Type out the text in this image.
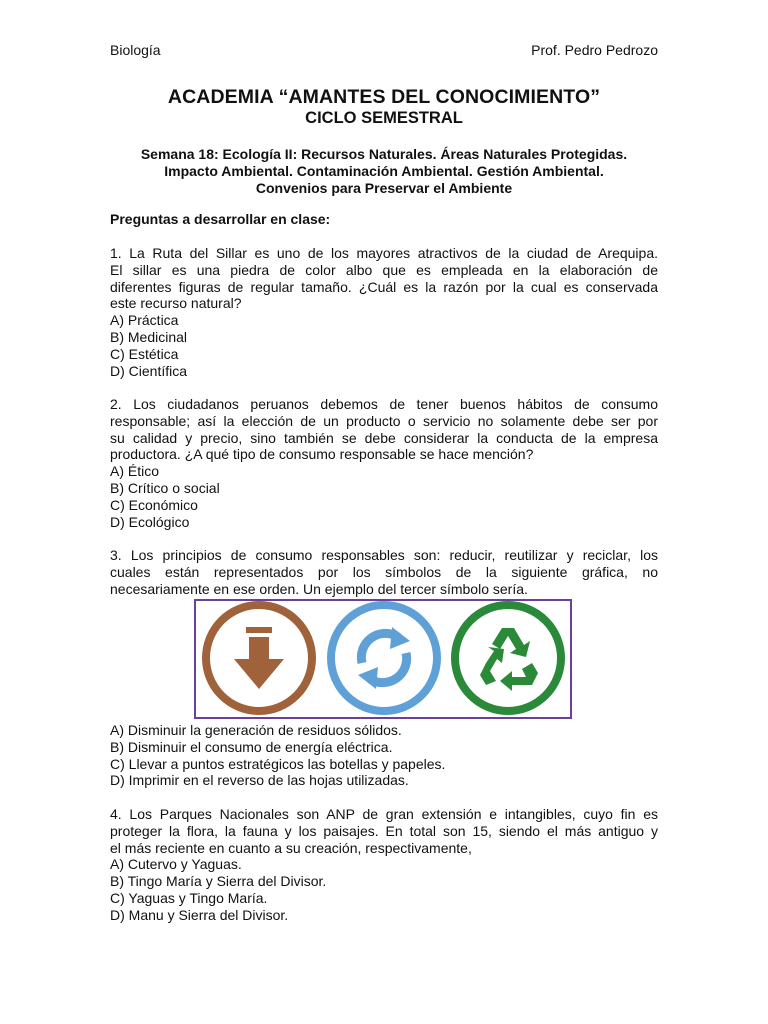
Biología	Prof. Pedro Pedrozo
ACADEMIA “AMANTES DEL CONOCIMIENTO”
CICLO SEMESTRAL
Semana 18: Ecología II: Recursos Naturales. Áreas Naturales Protegidas.
Impacto Ambiental. Contaminación Ambiental. Gestión Ambiental.
Convenios para Preservar el Ambiente
Preguntas a desarrollar en clase:
1. La Ruta del Sillar es uno de los mayores atractivos de la ciudad de Arequipa.
El sillar es una piedra de color albo que es empleada en la elaboración de
diferentes figuras de regular tamaño. ¿Cuál es la razón por la cual es conservada
este recurso natural?
A) Práctica
B) Medicinal
C) Estética
D) Científica
2. Los ciudadanos peruanos debemos de tener buenos hábitos de consumo
responsable; así la elección de un producto o servicio no solamente debe ser por
su calidad y precio, sino también se debe considerar la conducta de la empresa
productora. ¿A qué tipo de consumo responsable se hace mención?
A) Ético
B) Crítico o social
C) Económico
D) Ecológico
3. Los principios de consumo responsables son: reducir, reutilizar y reciclar, los
cuales están representados por los símbolos de la siguiente gráfica, no
necesariamente en ese orden. Un ejemplo del tercer símbolo sería.
A) Disminuir la generación de residuos sólidos.
B) Disminuir el consumo de energía eléctrica.
C) Llevar a puntos estratégicos las botellas y papeles.
D) Imprimir en el reverso de las hojas utilizadas.
4. Los Parques Nacionales son ANP de gran extensión e intangibles, cuyo fin es
proteger la flora, la fauna y los paisajes. En total son 15, siendo el más antiguo y
el más reciente en cuanto a su creación, respectivamente,
A) Cutervo y Yaguas.
B) Tingo María y Sierra del Divisor.
C) Yaguas y Tingo María.
D) Manu y Sierra del Divisor.
